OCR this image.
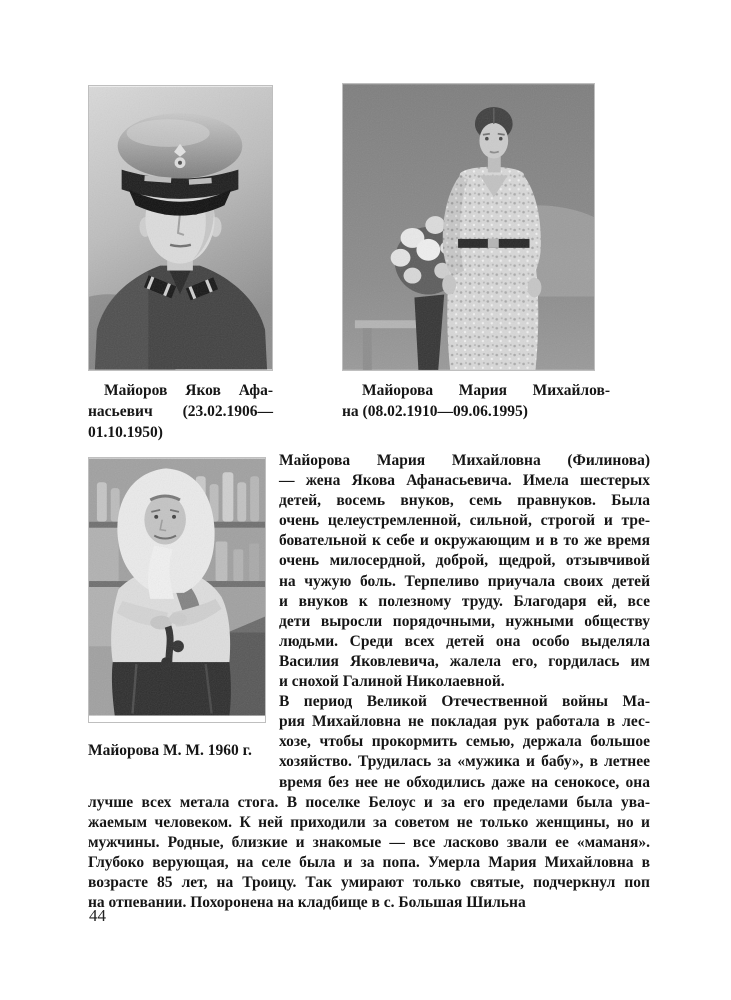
Майоров Яков Афа-
насьевич (23.02.1906—
01.10.1950)
Майорова Мария Михайлов-
на (08.02.1910—09.06.1995)
Майорова М. М. 1960 г.
Майорова Мария Михайловна (Филинова)
— жена Якова Афанасьевича. Имела шестерых
детей, восемь внуков, семь правнуков. Была
очень целеустремленной, сильной, строгой и тре-
бовательной к себе и окружающим и в то же время
очень милосердной, доброй, щедрой, отзывчивой
на чужую боль. Терпеливо приучала своих детей
и внуков к полезному труду. Благодаря ей, все
дети выросли порядочными, нужными обществу
людьми. Среди всех детей она особо выделяла
Василия Яковлевича, жалела его, гордилась им
и снохой Галиной Николаевной.
В период Великой Отечественной войны Ма-
рия Михайловна не покладая рук работала в лес-
хозе, чтобы прокормить семью, держала большое
хозяйство. Трудилась за «мужика и бабу», в летнее
время без нее не обходились даже на сенокосе, она
лучше всех метала стога. В поселке Белоус и за его пределами была ува-
жаемым человеком. К ней приходили за советом не только женщины, но и
мужчины. Родные, близкие и знакомые — все ласково звали ее «маманя».
Глубоко верующая, на селе была и за попа. Умерла Мария Михайловна в
возрасте 85 лет, на Троицу. Так умирают только святые, подчеркнул поп
на отпевании. Похоронена на кладбище в с. Большая Шильна
44
